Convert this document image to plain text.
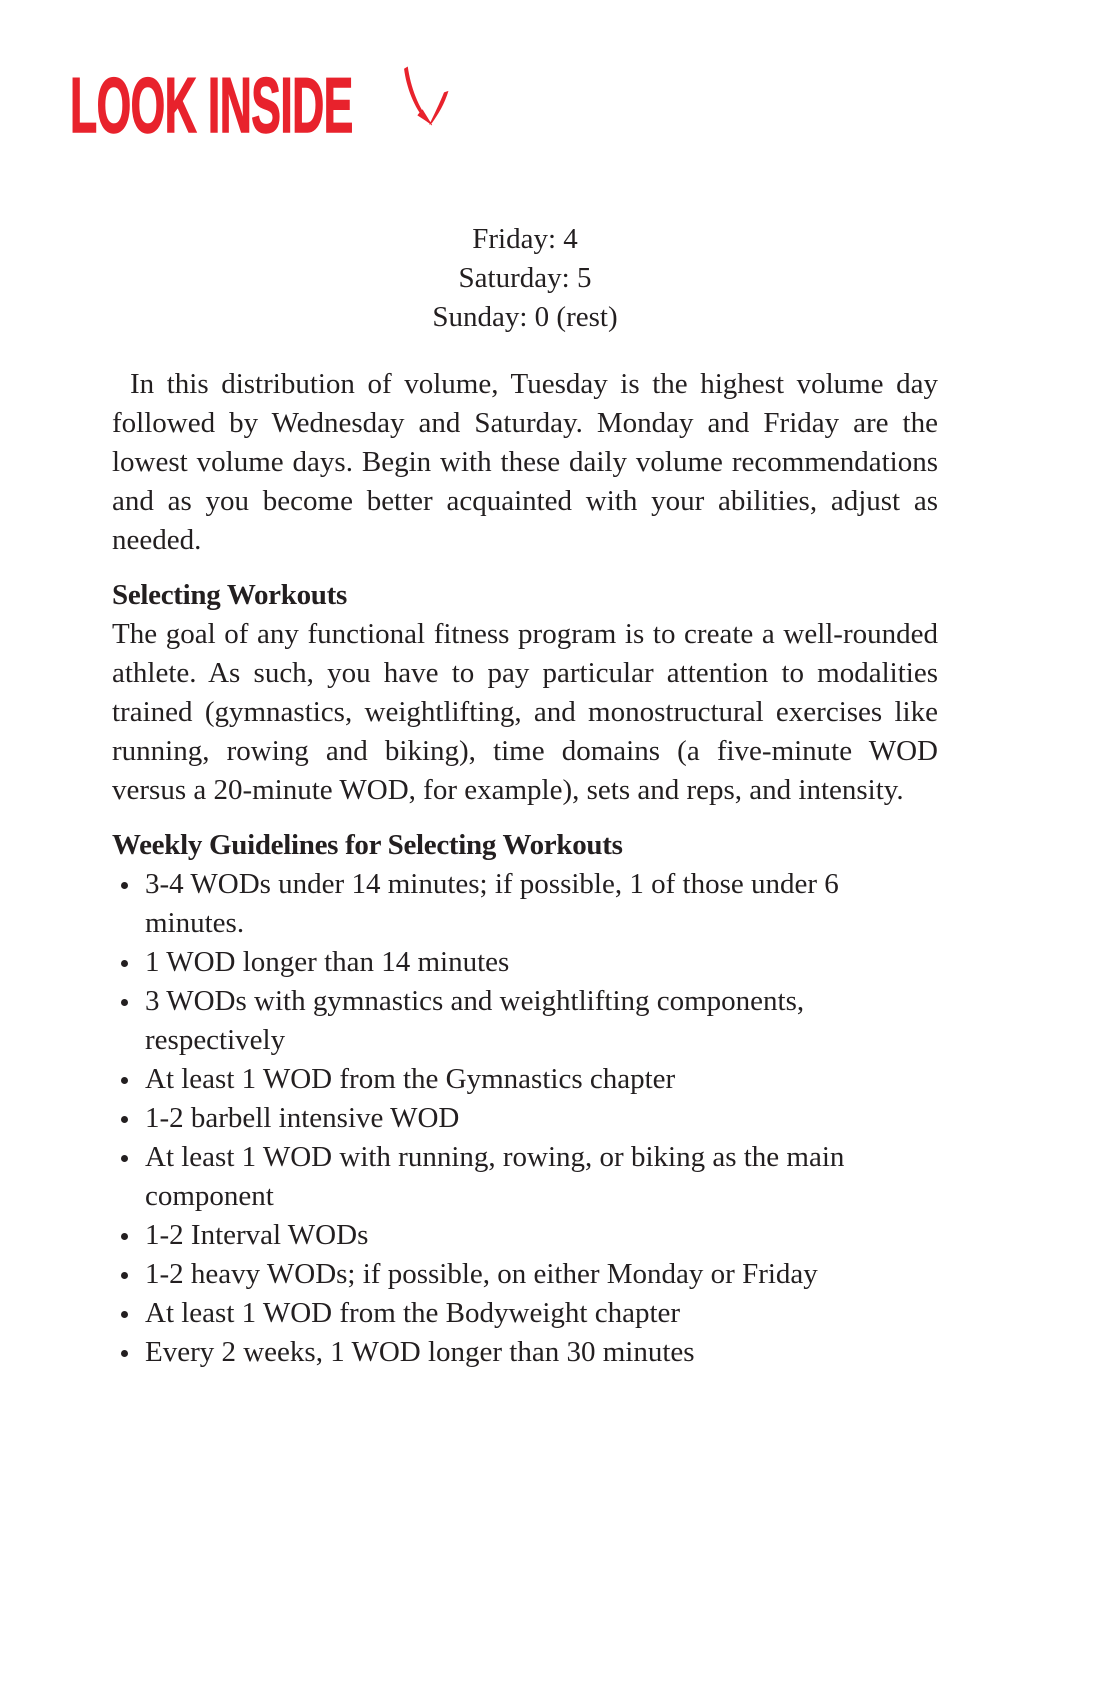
LOOK INSIDE
Friday: 4
Saturday: 5
Sunday: 0 (rest)

In this distribution of volume, Tuesday is the highest volume day followed by Wednesday and Saturday. Monday and Friday are the lowest volume days. Begin with these daily volume recommendations and as you become better acquainted with your abilities, adjust as needed.

Selecting Workouts

The goal of any functional fitness program is to create a well-rounded athlete. As such, you have to pay particular attention to modalities trained (gymnastics, weightlifting, and monostructural exercises like running, rowing and biking), time domains (a five-minute WOD versus a 20-minute WOD, for example), sets and reps, and intensity.

Weekly Guidelines for Selecting Workouts
3-4 WODs under 14 minutes; if possible, 1 of those under 6 minutes.
1 WOD longer than 14 minutes
3 WODs with gymnastics and weightlifting components, respectively
At least 1 WOD from the Gymnastics chapter
1-2 barbell intensive WOD
At least 1 WOD with running, rowing, or biking as the main component
1-2 Interval WODs
1-2 heavy WODs; if possible, on either Monday or Friday
At least 1 WOD from the Bodyweight chapter
Every 2 weeks, 1 WOD longer than 30 minutes
